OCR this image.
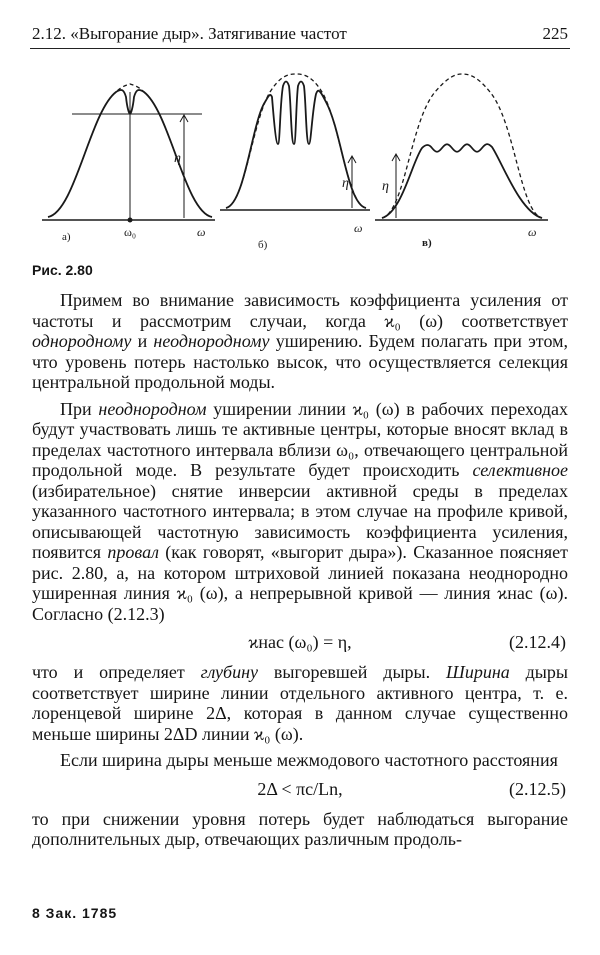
2.12. «Выгорание дыр». Затягивание частот	225
η
а)	ω₀	ω
η
б)
ω
η
в)
ω
Рис. 2.80

Примем во внимание зависимость коэффициента усиления от частоты и рассмотрим случаи, когда ϰ₀ (ω) соответствует однородному и неоднородному уширению. Будем полагать при этом, что уровень потерь настолько высок, что осуществляется селекция центральной продольной моды.

При неоднородном уширении линии ϰ₀ (ω) в рабочих переходах будут участвовать лишь те активные центры, которые вносят вклад в пределах частотного интервала вблизи ω₀, отвечающего центральной продольной моде. В результате будет происходить селективное (избирательное) снятие инверсии активной среды в пределах указанного частотного интервала; в этом случае на профиле кривой, описывающей частотную зависимость коэффициента усиления, появится провал (как говорят, «выгорит дыра»). Сказанное поясняет рис. 2.80, а, на котором штриховой линией показана неоднородно уширенная линия ϰ₀ (ω), а непрерывной кривой — линия ϰнас (ω). Согласно (2.12.3)

ϰнас (ω₀) = η,	(2.12.4)

что и определяет глубину выгоревшей дыры. Ширина дыры соответствует ширине линии отдельного активного центра, т. е. лоренцевой ширине 2Δ, которая в данном случае существенно меньше ширины 2ΔD линии ϰ₀ (ω).

Если ширина дыры меньше межмодового частотного расстояния

2Δ < πc/Ln,	(2.12.5)

то при снижении уровня потерь будет наблюдаться выгорание дополнительных дыр, отвечающих различным продоль-

8 Зак. 1785
